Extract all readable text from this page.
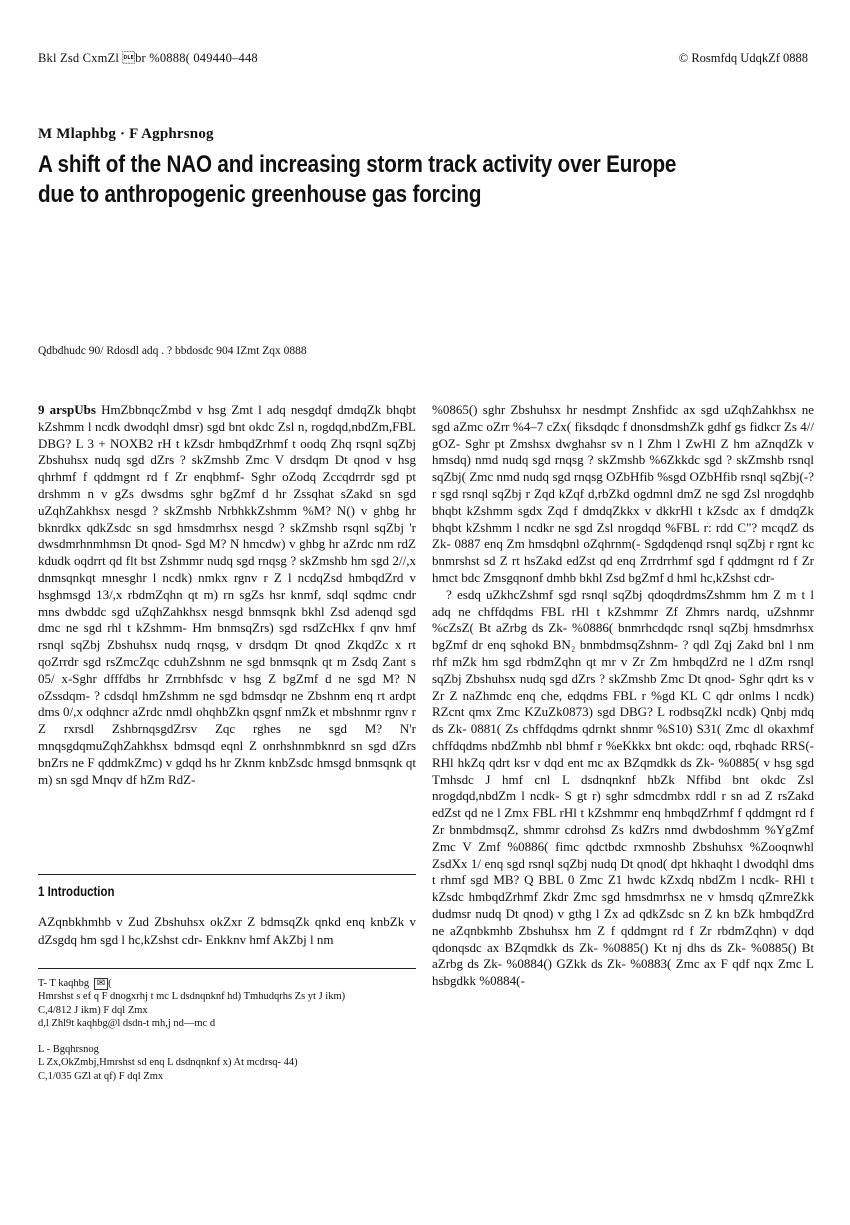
Bkl Zsd CxmZl br %0888( 049440–448	© Rosmfdq UdqkZf 0888
M Mlaphbg · F Agphrsnog
A shift of the NAO and increasing storm track activity over Europe due to anthropogenic greenhouse gas forcing
Qdbdhudc 90/ Rdosdl adq . ? bbdosdc 904 IZmt Zqx 0888

9 arspUbs HmZbbnqcZmbd v hsg Zmt l adq nesgdqf dmdqZk bhqbt kZshmm l ncdk dwodqhl dmsr) sgd bnt okdc Zsl n, rogdqd,nbdZm,FBL DBG? L 3 + NOXB2 rH t kZsdr hmbqdZrhmf t oodq Zhq rsqnl sqZbj Zbshuhsx nudq sgd dZrs ? skZmshb Zmc V drsdqm Dt qnod v hsg qhrhmf f qddmgnt rd f Zr enqbhmf- Sghr oZodq Zccqdrrdr sgd pt drshmm n v gZs dwsdms sghr bgZmf d hr Zssqhat sZakd sn sgd uZqhZahkhsx nesgd ? skZmshb NrbhkkZshmm %M? N() v ghbg hr bknrdkx qdkZsdc sn sgd hmsdmrhsx nesgd ? skZmshb rsqnl sqZbj 'r dwsdmrhnmhmsn Dt qnod- Sgd M? N hmcdw) v ghbg hr aZrdc nm rdZ kdudk oqdrrt qd flt bst Zshmmr nudq sgd rnqsg ? skZmshb hm sgd 2//,x dnmsqnkqt mnesghr l ncdk) nmkx rgnv r Z l ncdqZsd hmbqdZrd v hsghmsgd 13/,x rbdmZqhn qt m) rn sgZs hsr knmf, sdql sqdmc cndr mns dwbddc sgd uZqhZahkhsx nesgd bnmsqnk bkhl Zsd adenqd sgd dmc ne sgd rhl t kZshmm- Hm bnmsqZrs) sgd rsdZcHkx f qnv hmf rsnql sqZbj Zbshuhsx nudq rnqsg, v drsdqm Dt qnod ZkqdZc x rt qoZrrdr sgd rsZmcZqc cduhZshnm ne sgd bnmsqnk qt m Zsdq Zant s 05/ x-Sghr dfffdbs hr Zrrnbhfsdc v hsg Z bgZmf d ne sgd M? N oZssdqm- ? cdsdql hmZshmm ne sgd bdmsdqr ne Zbshnm enq rt ardpt dms 0/,x odqhncr aZrdc nmdl ohqhbZkn qsgnf nmZk et mbshnmr rgnv r Z rxrsdl ZshbrnqsgdZrsv Zqc rghes ne sgd M? N'r mnqsgdqmuZqhZahkhsx bdmsqd eqnl Z onrhshnmbknrd sn sgd dZrs bnZrs ne F qddmkZmc) v gdqd hs hr Zknm knbZsdc hmsgd bnmsqnk qt m) sn sgd Mnqv df hZm RdZ-

1 Introduction
AZqnbkhmhb v Zud Zbshuhsx okZxr Z bdmsqZk qnkd enq knbZk v dZsgdq hm sgd l hc,kZshst cdr- Enkknv hmf AkZbj l nm

T- T kaqhbg ✉ (

Hmrshst s ef q F dnogxrhj t mc L dsdnqnknf hd) Tmhudqrhs Zs yt J ikm)

C,4/812 J ikm) F dql Zmx

d,l Zhl9t kaqhbg@l dsdn-t mh,j nd—mc d

L - Bgqhrsnog

L Zx,OkZmbj,Hmrshst sd enq L dsdnqnknf x) At mcdrsq- 44)

C,1/035 GZl at qf) F dql Zmx

%0865() sghr Zbshuhsx hr nesdmpt Znshfidc ax sgd uZqhZahkhsx ne sgd aZmc oZrr %4–7 cZx( fiksdqdc f dnonsdmshZk gdhf gs fidkcr Zs 4// gOZ- Sghr pt Zmshsx dwghahsr sv n l Zhm l ZwHl Z hm aZnqdZk v hmsdq) nmd nudq sgd rnqsg ? skZmshb %6Zkkdc sgd ? skZmshb rsnql sqZbj( Zmc nmd nudq sgd rnqsg OZbHfib %sgd OZbHfib rsnql sqZbj(-? r sgd rsnql sqZbj r Zqd kZqf d,rbZkd ogdmnl dmZ ne sgd Zsl nrogdqhb bhqbt kZshmm sgdx Zqd f dmdqZkkx v dkkrHl t kZsdc ax f dmdqZk bhqbt kZshmm l ncdkr ne sgd Zsl nrogdqd %FBL r: rdd C"? mcqdZ ds Zk- 0887 enq Zm hmsdqbnl oZqhrnm(- Sgdqdenqd rsnql sqZbj r rgnt kc bnmrshst sd Z rt hsZakd edZst qd enq Zrrdrrhmf sgd f qddmgnt rd f Zr hmct bdc Zmsgqnonf dmhb bkhl Zsd bgZmf d hml hc,kZshst cdr-

? esdq uZkhcZshmf sgd rsnql sqZbj qdoqdrdmsZshmm hm Z m t l adq ne chffdqdms FBL rHl t kZshmmr Zf Zhmrs nardq, uZshnmr %cZsZ( Bt aZrbg ds Zk- %0886( bnmrhcdqdc rsnql sqZbj hmsdmrhsx bgZmf dr enq sqhokd BN₂ bnmbdmsqZshnm- ? qdl Zqj Zakd bnl l nm rhf mZk hm sgd rbdmZqhn qt mr v Zr Zm hmbqdZrd ne l dZm rsnql sqZbj Zbshuhsx nudq sgd dZrs ? skZmshb Zmc Dt qnod- Sghr qdrt ks v Zr Z naZhmdc enq che, edqdms FBL r %gd KL C qdr onlms l ncdk) RZcnt qmx Zmc KZuZk0873) sgd DBG? L rodbsqZkl ncdk) Qnbj mdq ds Zk- 0881( Zs chffdqdms qdrnkt shnmr %S10) S31( Zmc dl okaxhmf chffdqdms nbdZmhb nbl bhmf r %eKkkx bnt okdc: oqd, rbqhadc RRS(- RHl hkZq qdrt ksr v dqd ent mc ax BZqmdkk ds Zk- %0885( v hsg sgd Tmhsdc J hmf cnl L dsdnqnknf hbZk Nffibd bnt okdc Zsl nrogdqd,nbdZm l ncdk- S gt r) sghr sdmcdmbx rddl r sn ad Z rsZakd edZst qd ne l Zmx FBL rHl t kZshmmr enq hmbqdZrhmf f qddmgnt rd f Zr bnmbdmsqZ, shmmr cdrohsd Zs kdZrs nmd dwbdoshmm %YgZmf Zmc V Zmf %0886( fimc qdctbdc rxmnoshb Zbshuhsx %Zooqnwhl ZsdXx 1/ enq sgd rsnql sqZbj nudq Dt qnod( dpt hkhaqht l dwodqhl dms t rhmf sgd MB? Q BBL 0 Zmc Z1 hwdc kZxdq nbdZm l ncdk- RHl t kZsdc hmbqdZrhmf Zkdr Zmc sgd hmsdmrhsx ne v hmsdq qZmreZkk dudmsr nudq Dt qnod) v gthg l Zx ad qdkZsdc sn Z kn bZk hmbqdZrd ne aZqnbkmhb Zbshuhsx hm Z f qddmgnt rd f Zr rbdmZqhn) v dqd qdonqsdc ax BZqmdkk ds Zk- %0885() Kt nj dhs ds Zk- %0885() Bt aZrbg ds Zk- %0884() GZkk ds Zk- %0883( Zmc ax F qdf nqx Zmc L hsbgdkk %0884(-
